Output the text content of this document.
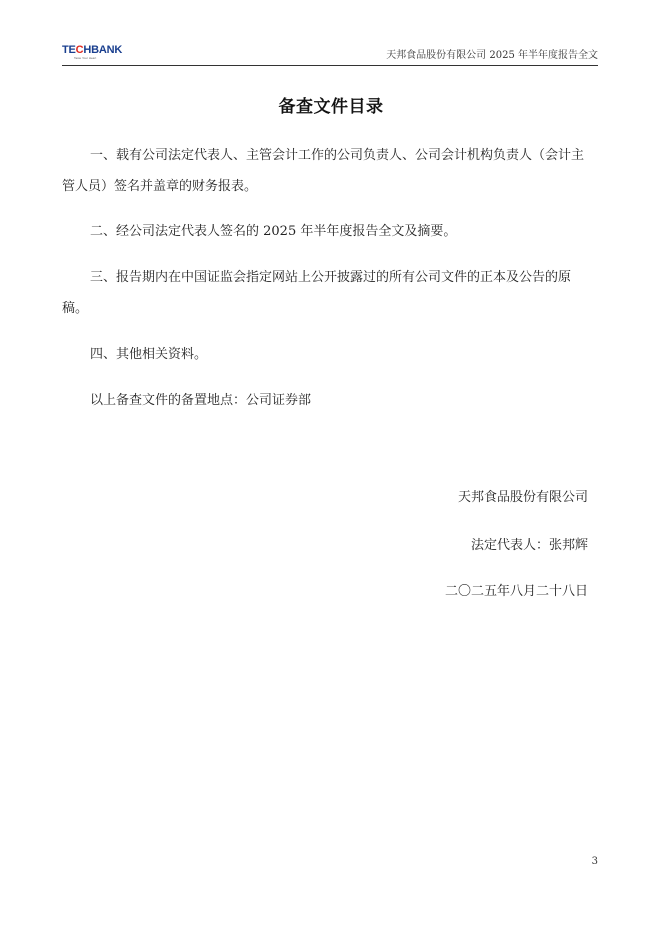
TECHBANK
Taste Your Heart	天邦食品股份有限公司 2025 年半年度报告全文
备查文件目录
一、载有公司法定代表人、主管会计工作的公司负责人、公司会计机构负责人（会计主管人员）签名并盖章的财务报表。
二、经公司法定代表人签名的 2025 年半年度报告全文及摘要。
三、报告期内在中国证监会指定网站上公开披露过的所有公司文件的正本及公告的原稿。
四、其他相关资料。
以上备查文件的备置地点：公司证券部
天邦食品股份有限公司
法定代表人：张邦辉
二〇二五年八月二十八日
3
